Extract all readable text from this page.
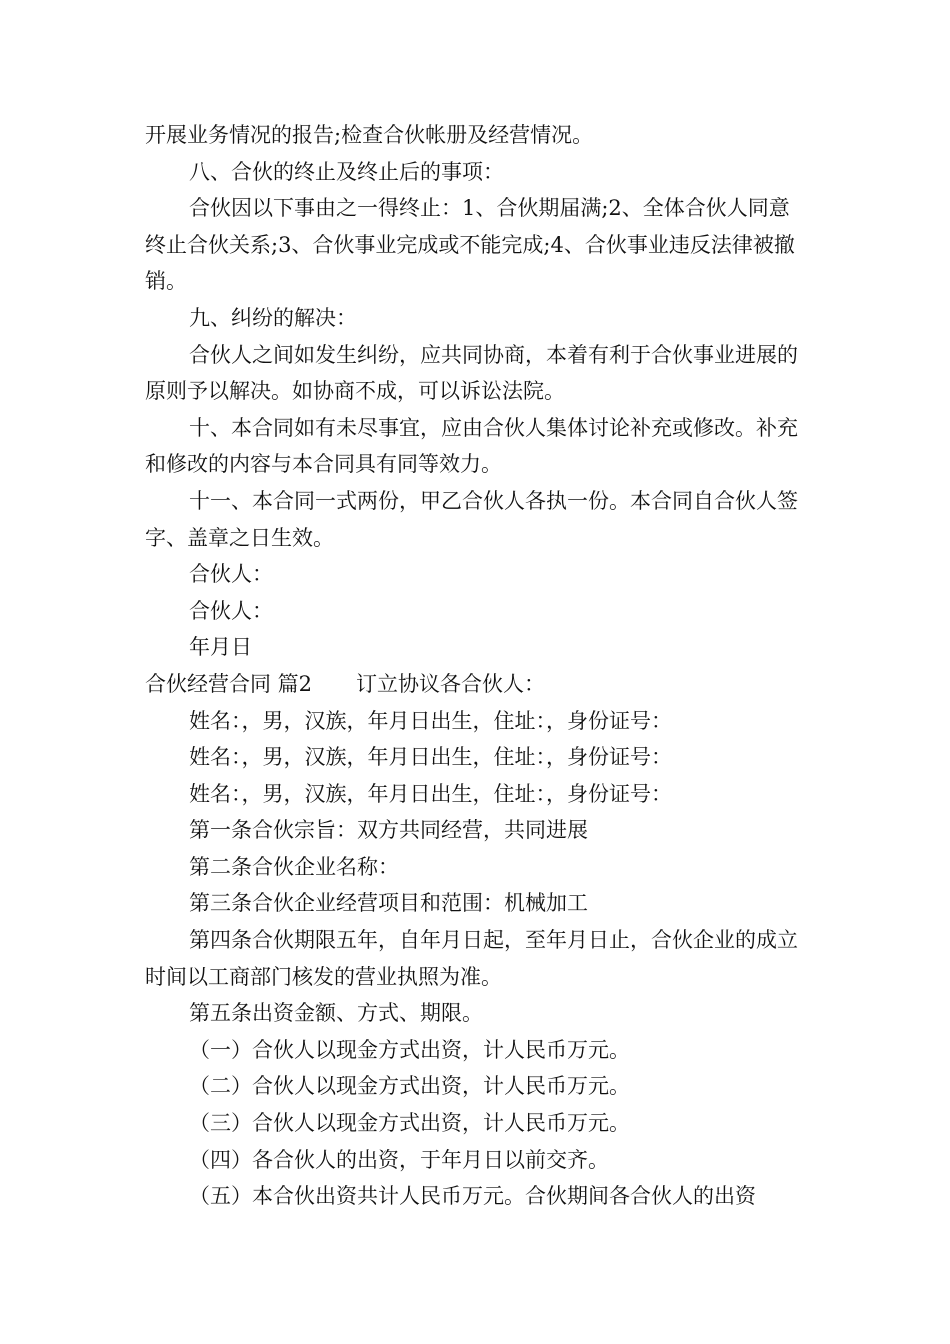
开展业务情况的报告;检查合伙帐册及经营情况。

八、合伙的终止及终止后的事项：

合伙因以下事由之一得终止：1、合伙期届满;2、全体合伙人同意终止合伙关系;3、合伙事业完成或不能完成;4、合伙事业违反法律被撤销。

九、纠纷的解决：

合伙人之间如发生纠纷，应共同协商，本着有利于合伙事业进展的原则予以解决。如协商不成，可以诉讼法院。

十、本合同如有未尽事宜，应由合伙人集体讨论补充或修改。补充和修改的内容与本合同具有同等效力。

十一、本合同一式两份，甲乙合伙人各执一份。本合同自合伙人签字、盖章之日生效。

合伙人：

合伙人：

年月日

合伙经营合同 篇2 订立协议各合伙人：

姓名：，男，汉族，年月日出生，住址：，身份证号：

姓名：，男，汉族，年月日出生，住址：，身份证号：

姓名：，男，汉族，年月日出生，住址：，身份证号：

第一条合伙宗旨：双方共同经营，共同进展

第二条合伙企业名称：

第三条合伙企业经营项目和范围：机械加工

第四条合伙期限五年，自年月日起，至年月日止，合伙企业的成立时间以工商部门核发的营业执照为准。

第五条出资金额、方式、期限。

（一）合伙人以现金方式出资，计人民币万元。

（二）合伙人以现金方式出资，计人民币万元。

（三）合伙人以现金方式出资，计人民币万元。

（四）各合伙人的出资，于年月日以前交齐。

（五）本合伙出资共计人民币万元。合伙期间各合伙人的出资
